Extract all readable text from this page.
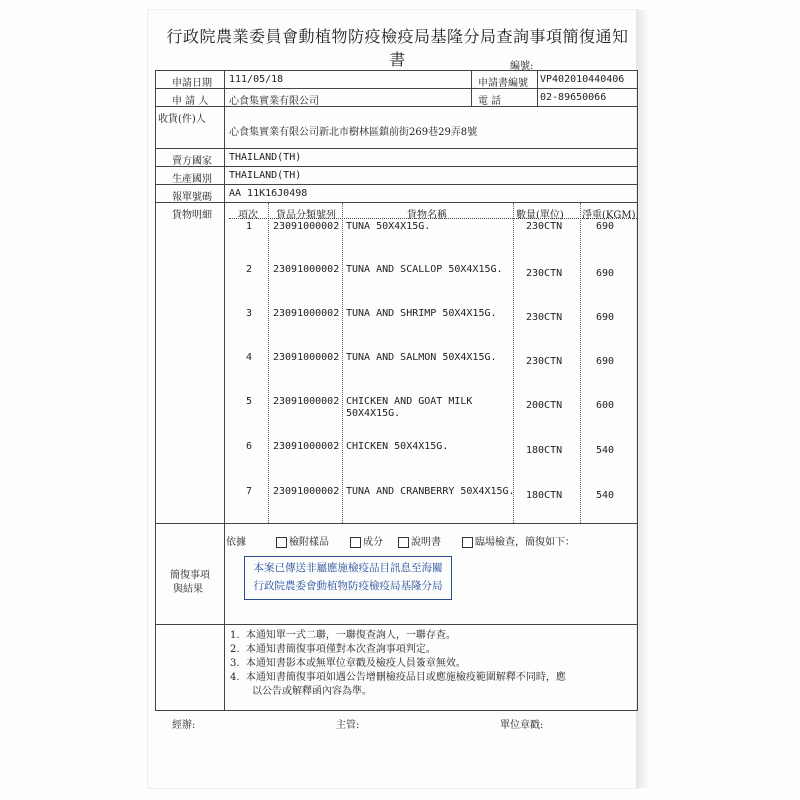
行政院農業委員會動植物防疫檢疫局基隆分局查詢事項簡復通知書	編號:
申請日期 111/05/18	申請書編號 VP402010440406
申 請 人 心食集實業有限公司	電 話	02-89650066
收貨(件)人
心食集實業有限公司新北市樹林區鎮前街269巷29弄8號
賣方國家 THAILAND(TH)
生產國別 THAILAND(TH)
報單號碼 AA 11K16J0498
貨物明細	項次 貨品分類號列	貨物名稱	數量(單位) 淨重(KGM)
1 23091000002 TUNA 50X4X15G.	230CTN	690
2 23091000002 TUNA AND SCALLOP 50X4X15G. 230CTN	690
3 23091000002 TUNA AND SHRIMP 50X4X15G.	230CTN	690
4 23091000002 TUNA AND SALMON 50X4X15G.	230CTN	690
5 23091000002 CHICKEN AND GOAT MILK
50X4X15G.
200CTN	600
6 23091000002 CHICKEN 50X4X15G.	180CTN	540
7 23091000002 TUNA AND CRANBERRY 50X4X15G. 180CTN	540
依據	檢附樣品	成分	說明書	臨場檢查，簡復如下：
簡復事項
與結果
本案已傳送非屬應施檢疫品目訊息至海關
行政院農委會動植物防疫檢疫局基隆分局
1. 本通知單一式二聯，一聯復查詢人，一聯存查。
2. 本通知書簡復事項僅對本次查詢事項判定。
3. 本通知書影本或無單位章戳及檢疫人員簽章無效。
4. 本通知書簡復事項如遇公告增刪檢疫品目或應施檢疫範圍解釋不同時，應
以公告或解釋函內容為準。
經辦:	主管:	單位章戳:
